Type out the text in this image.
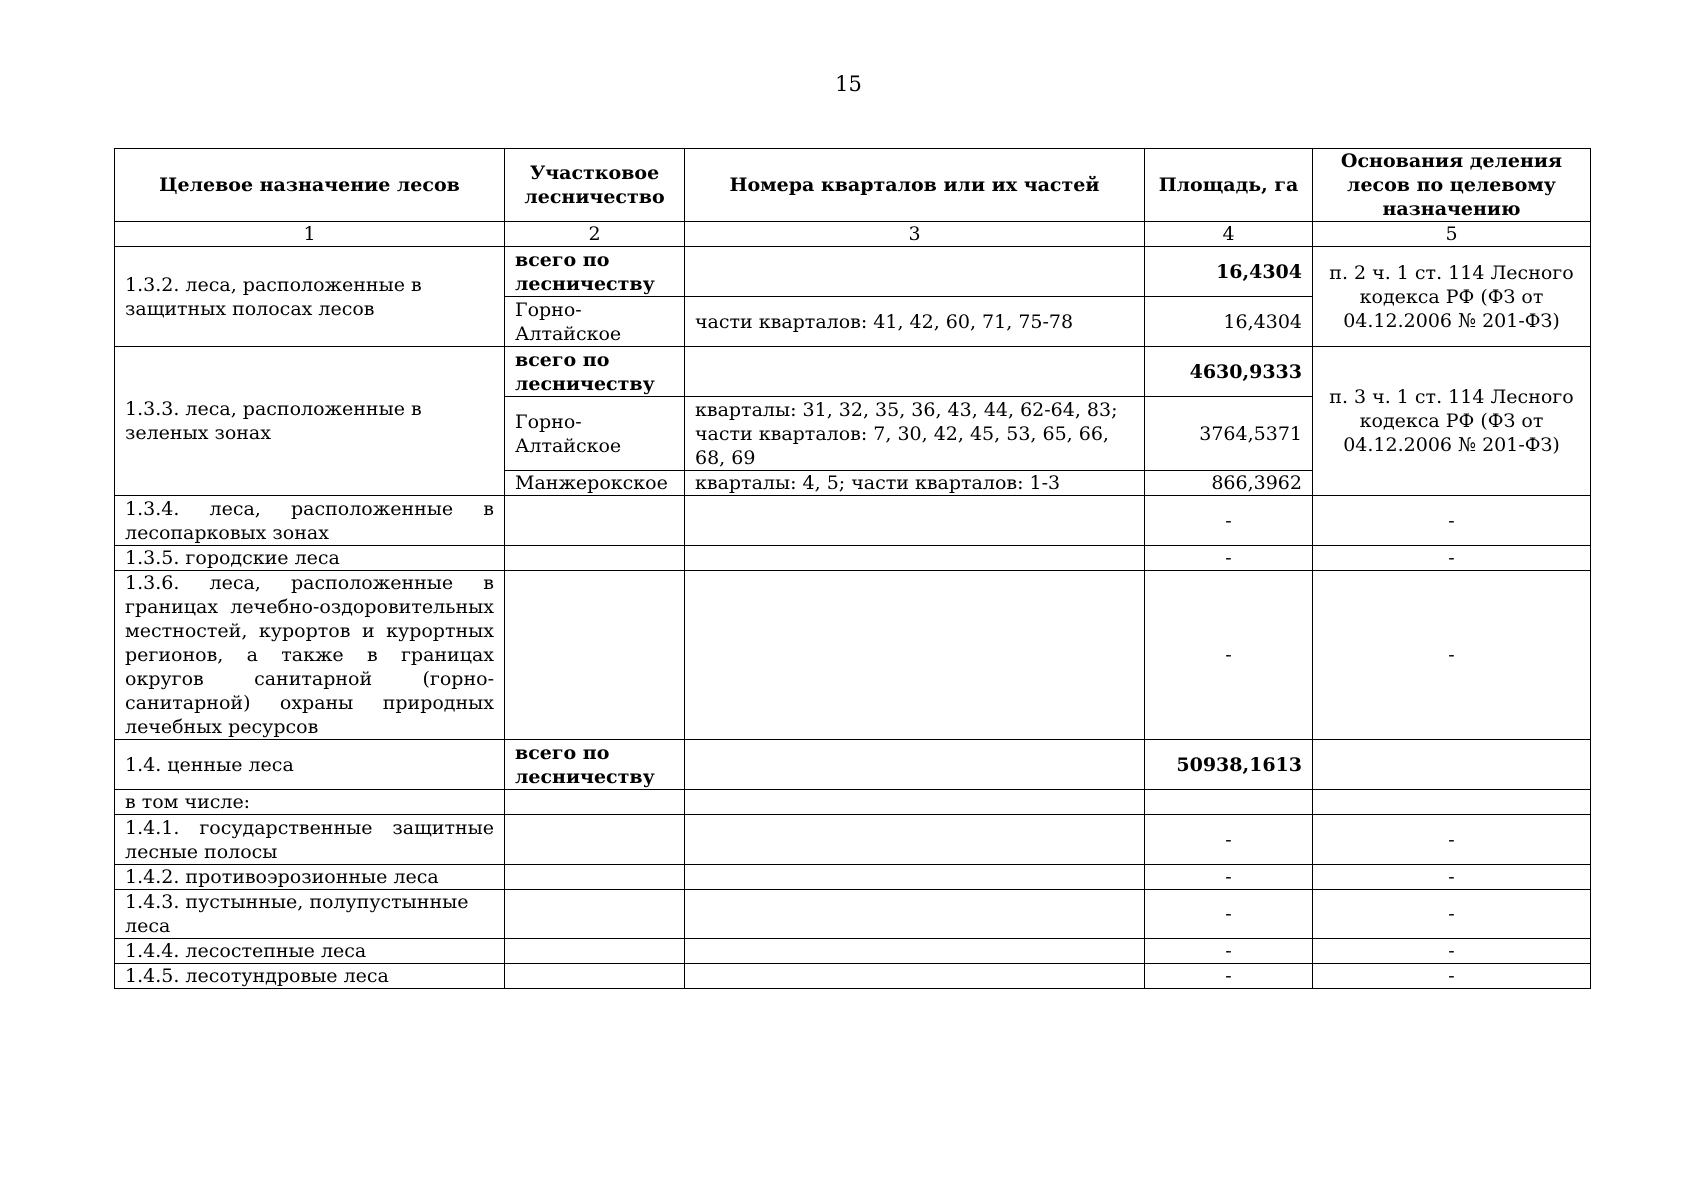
15
Целевое назначение лесов	Участковое лесничество	Номера кварталов или их частей	Площадь, га	Основания деления лесов по целевому назначению
1	2	3	4	5
1.3.2. леса, расположенные в защитных полосах лесов	всего по лесничеству		16,4304	п. 2 ч. 1 ст. 114 Лесного кодекса РФ (ФЗ от 04.12.2006 № 201-ФЗ)
	Горно-Алтайское	части кварталов: 41, 42, 60, 71, 75-78	16,4304	
1.3.3. леса, расположенные в зеленых зонах	всего по лесничеству		4630,9333	п. 3 ч. 1 ст. 114 Лесного кодекса РФ (ФЗ от 04.12.2006 № 201-ФЗ)
	Горно-Алтайское	кварталы: 31, 32, 35, 36, 43, 44, 62-64, 83; части кварталов: 7, 30, 42, 45, 53, 65, 66, 68, 69	3764,5371	
	Манжерокское	кварталы: 4, 5; части кварталов: 1-3	866,3962	
1.3.4. леса, расположенные в лесопарковых зонах			-	-
1.3.5. городские леса			-	-
1.3.6. леса, расположенные в границах лечебно-оздоровительных местностей, курортов и курортных регионов, а также в границах округов санитарной (горно-санитарной) охраны природных лечебных ресурсов			-	-
1.4. ценные леса	всего по лесничеству		50938,1613	
в том числе:				
1.4.1. государственные защитные лесные полосы			-	-
1.4.2. противоэрозионные леса			-	-
1.4.3. пустынные, полупустынные леса			-	-
1.4.4. лесостепные леса			-	-
1.4.5. лесотундровые леса			-	-
